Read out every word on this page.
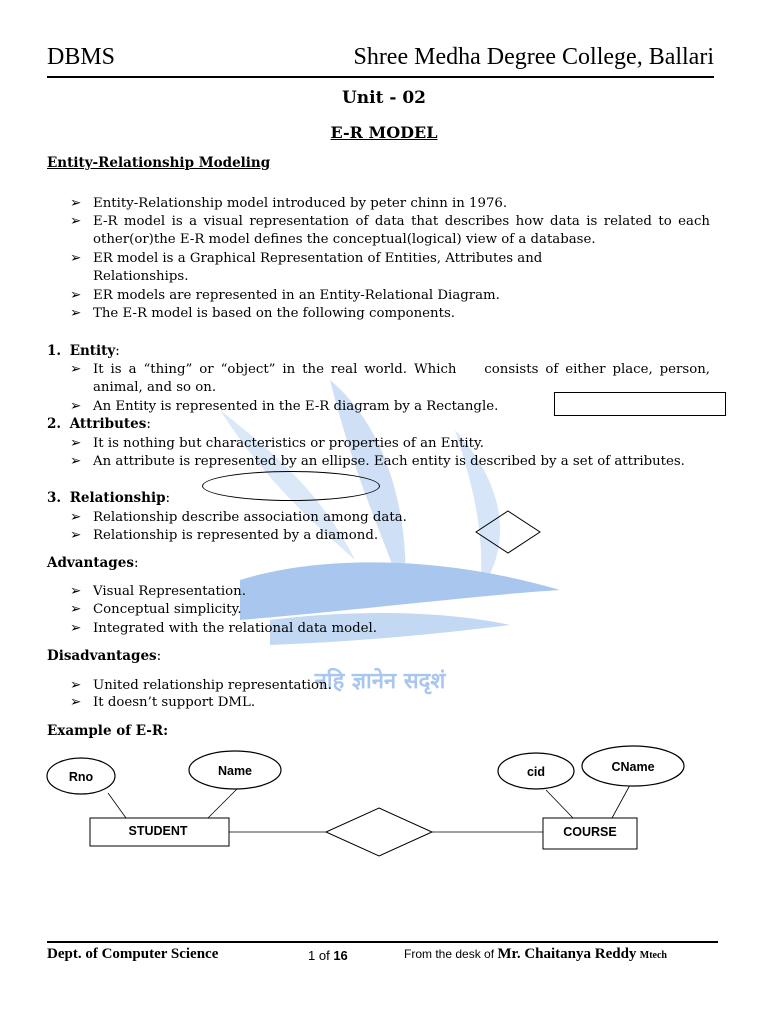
नहि ज्ञानेन सदृशं
DBMS	Shree Medha Degree College, Ballari
Unit - 02
E-R MODEL
Entity-Relationship Modeling
➢ Entity-Relationship model introduced by peter chinn in 1976.
➢ E-R model is a visual representation of data that describes how data is related to each other(or)the E-R model defines the conceptual(logical) view of a database.
➢ ER model is a Graphical Representation of Entities, Attributes and Relationships.
➢ ER models are represented in an Entity-Relational Diagram.
➢ The E-R model is based on the following components.
1. Entity:
➢ It is a “thing” or “object” in the real world. Which    consists of either place, person, animal, and so on.
➢ An Entity is represented in the E-R diagram by a Rectangle.
2. Attributes:
➢ It is nothing but characteristics or properties of an Entity.
➢ An attribute is represented by an ellipse. Each entity is described by a set of attributes.
3. Relationship:
➢ Relationship describe association among data.
➢ Relationship is represented by a diamond.
Advantages:
➢ Visual Representation.
➢ Conceptual simplicity.
➢ Integrated with the relational data model.
Disadvantages:
➢ United relationship representation.
➢ It doesn’t support DML.
Example of E-R:
Rno	Name	cid	CName
STUDENT	COURSE
Dept. of Computer Science	1 of 16	From the desk of Mr. Chaitanya Reddy Mtech
